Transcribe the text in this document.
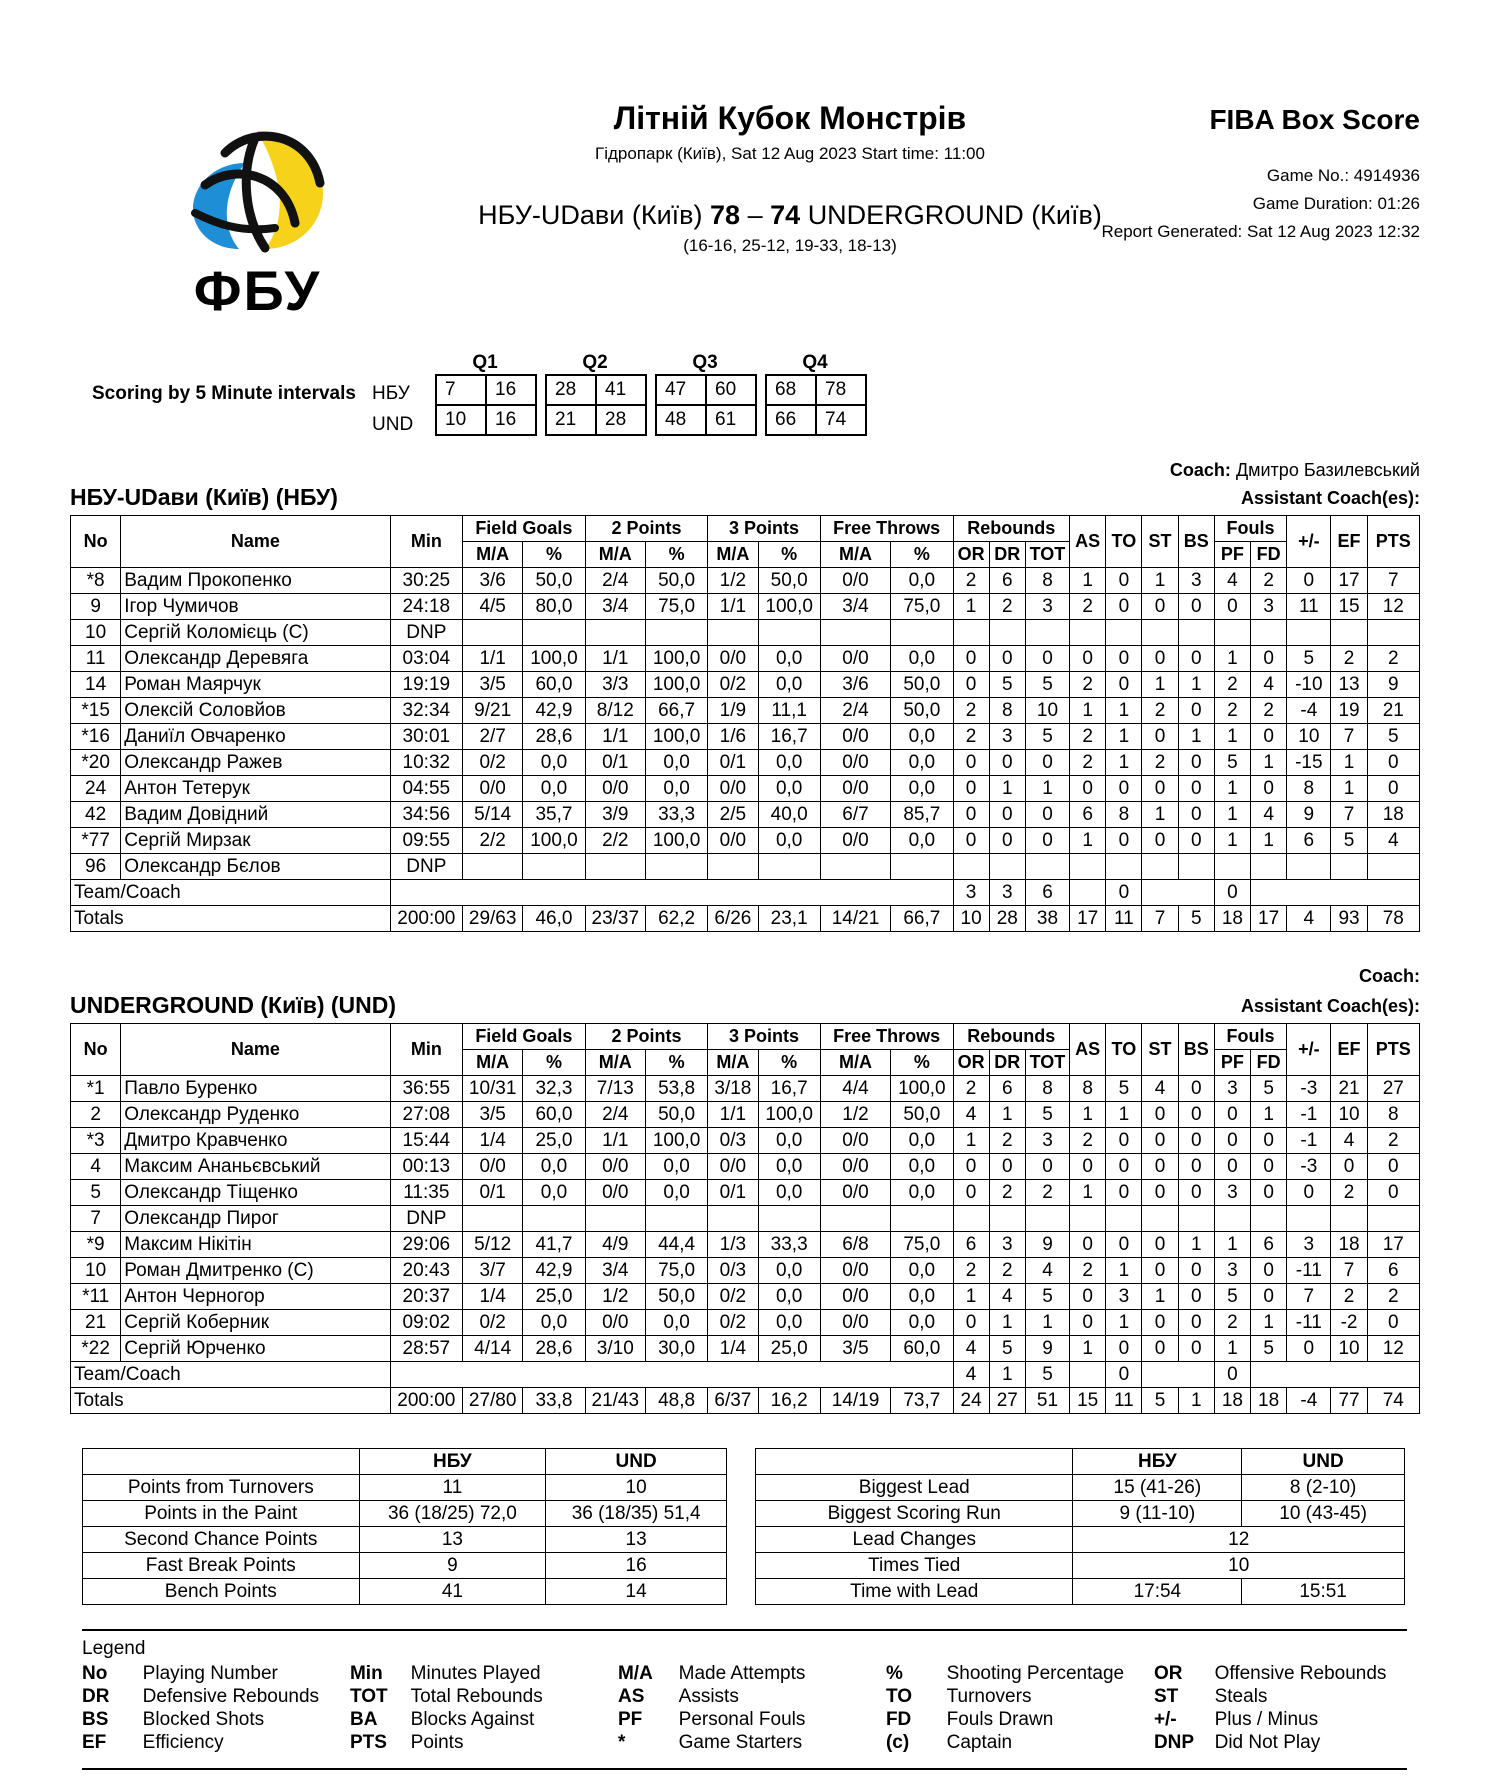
ФБУ
Літній Кубок Монстрів
Гідропарк (Київ), Sat 12 Aug 2023 Start time: 11:00
НБУ-UDави (Київ) 78 – 74 UNDERGROUND (Київ)
(16-16, 25-12, 19-33, 18-13)
FIBA Box Score
Game No.: 4914936
Game Duration: 01:26
Report Generated: Sat 12 Aug 2023 12:32
Scoring by 5 Minute intervals НБУ
UND
Q1
7	16
10	16
Q2
28	41
21	28
Q3
47	60
48	61
Q4
68	78
66	74
Coach: Дмитро Базилевський
НБУ-UDави (Київ) (НБУ)	Assistant Coach(es):
No	Name	Min	Field Goals		2 Points		3 Points		Free Throws		Rebounds			AS	TO	ST	BS	Fouls		+/-	EF	PTS
			M/A	%	M/A	%	M/A	%	M/A	%	OR	DR	TOT					PF	FD			
*8	Вадим Прокопенко	30:25	3/6	50,0	2/4	50,0	1/2	50,0	0/0	0,0	2	6	8	1	0	1	3	4	2	0	17	7
9	Ігор Чумичов	24:18	4/5	80,0	3/4	75,0	1/1	100,0	3/4	75,0	1	2	3	2	0	0	0	0	3	11	15	12
10	Сергій Коломієць (C)	DNP																				
11	Олександр Деревяга	03:04	1/1	100,0	1/1	100,0	0/0	0,0	0/0	0,0	0	0	0	0	0	0	0	1	0	5	2	2
14	Роман Маярчук	19:19	3/5	60,0	3/3	100,0	0/2	0,0	3/6	50,0	0	5	5	2	0	1	1	2	4	-10	13	9
*15	Олексій Соловйов	32:34	9/21	42,9	8/12	66,7	1/9	11,1	2/4	50,0	2	8	10	1	1	2	0	2	2	-4	19	21
*16	Даниїл Овчаренко	30:01	2/7	28,6	1/1	100,0	1/6	16,7	0/0	0,0	2	3	5	2	1	0	1	1	0	10	7	5
*20	Олександр Ражев	10:32	0/2	0,0	0/1	0,0	0/1	0,0	0/0	0,0	0	0	0	2	1	2	0	5	1	-15	1	0
24	Антон Тетерук	04:55	0/0	0,0	0/0	0,0	0/0	0,0	0/0	0,0	0	1	1	0	0	0	0	1	0	8	1	0
42	Вадим Довідний	34:56	5/14	35,7	3/9	33,3	2/5	40,0	6/7	85,7	0	0	0	6	8	1	0	1	4	9	7	18
*77	Сергій Мирзак	09:55	2/2	100,0	2/2	100,0	0/0	0,0	0/0	0,0	0	0	0	1	0	0	0	1	1	6	5	4
96	Олександр Бєлов	DNP																				
Team/Coach											3	3	6		0			0				
Totals		200:00	29/63	46,0	23/37	62,2	6/26	23,1	14/21	66,7	10	28	38	17	11	7	5	18	17	4	93	78
Coach:
UNDERGROUND (Київ) (UND)	Assistant Coach(es):
No	Name	Min	Field Goals		2 Points		3 Points		Free Throws		Rebounds			AS	TO	ST	BS	Fouls		+/-	EF	PTS
			M/A	%	M/A	%	M/A	%	M/A	%	OR	DR	TOT					PF	FD			
*1	Павло Буренко	36:55	10/31	32,3	7/13	53,8	3/18	16,7	4/4	100,0	2	6	8	8	5	4	0	3	5	-3	21	27
2	Олександр Руденко	27:08	3/5	60,0	2/4	50,0	1/1	100,0	1/2	50,0	4	1	5	1	1	0	0	0	1	-1	10	8
*3	Дмитро Кравченко	15:44	1/4	25,0	1/1	100,0	0/3	0,0	0/0	0,0	1	2	3	2	0	0	0	0	0	-1	4	2
4	Максим Ананьєвський	00:13	0/0	0,0	0/0	0,0	0/0	0,0	0/0	0,0	0	0	0	0	0	0	0	0	0	-3	0	0
5	Олександр Тіщенко	11:35	0/1	0,0	0/0	0,0	0/1	0,0	0/0	0,0	0	2	2	1	0	0	0	3	0	0	2	0
7	Олександр Пирог	DNP																				
*9	Максим Нікітін	29:06	5/12	41,7	4/9	44,4	1/3	33,3	6/8	75,0	6	3	9	0	0	0	1	1	6	3	18	17
10	Роман Дмитренко (C)	20:43	3/7	42,9	3/4	75,0	0/3	0,0	0/0	0,0	2	2	4	2	1	0	0	3	0	-11	7	6
*11	Антон Черногор	20:37	1/4	25,0	1/2	50,0	0/2	0,0	0/0	0,0	1	4	5	0	3	1	0	5	0	7	2	2
21	Сергій Коберник	09:02	0/2	0,0	0/0	0,0	0/2	0,0	0/0	0,0	0	1	1	0	1	0	0	2	1	-11	-2	0
*22	Сергій Юрченко	28:57	4/14	28,6	3/10	30,0	1/4	25,0	3/5	60,0	4	5	9	1	0	0	0	1	5	0	10	12
Team/Coach											4	1	5		0			0				
Totals		200:00	27/80	33,8	21/43	48,8	6/37	16,2	14/19	73,7	24	27	51	15	11	5	1	18	18	-4	77	74
	НБУ	UND
Points from Turnovers	11	10
Points in the Paint	36 (18/25) 72,0	36 (18/35) 51,4
Second Chance Points	13	13
Fast Break Points	9	16
Bench Points	41	14
	НБУ	UND
Biggest Lead	15 (41-26)	8 (2-10)
Biggest Scoring Run	9 (11-10)	10 (43-45)
Lead Changes	12	
Times Tied	10	
Time with Lead	17:54	15:51
Legend
No	Playing Number	Min	Minutes Played	M/A	Made Attempts	%	Shooting Percentage	OR	Offensive Rebounds
DR	Defensive Rebounds	TOT	Total Rebounds	AS	Assists	TO	Turnovers	ST	Steals
BS	Blocked Shots	BA	Blocks Against	PF	Personal Fouls	FD	Fouls Drawn	+/-	Plus / Minus
EF	Efficiency	PTS	Points	*	Game Starters	(c)	Captain	DNP	Did Not Play
